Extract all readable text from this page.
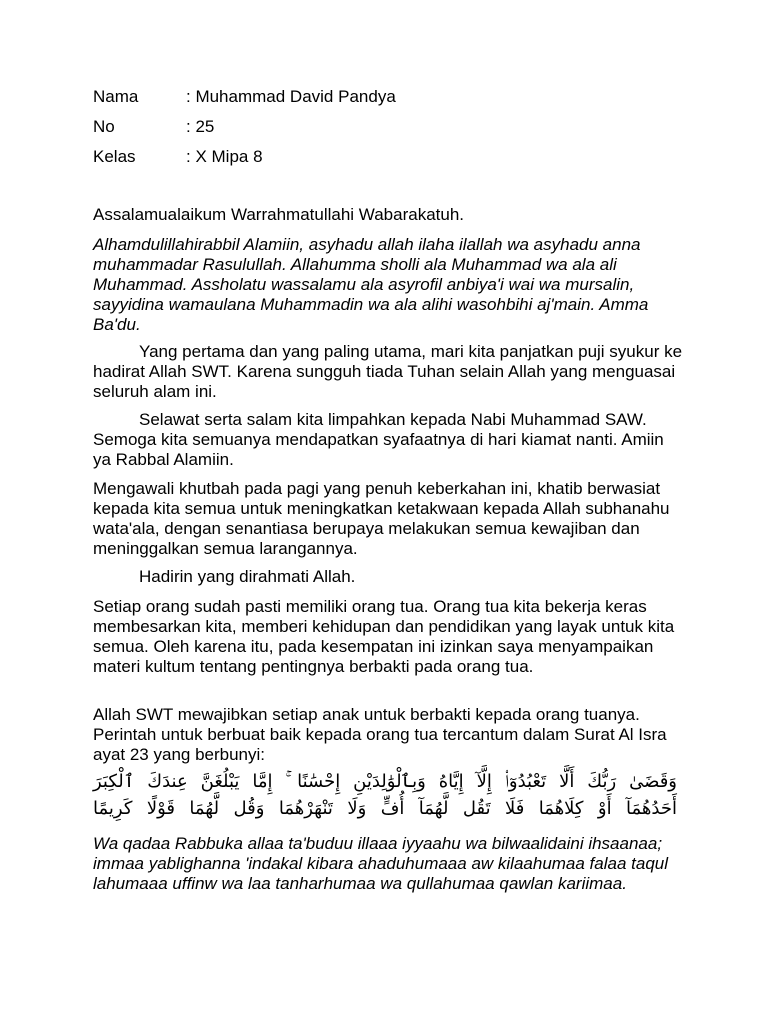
Nama	: Muhammad David Pandya
No	: 25
Kelas	: X Mipa 8

Assalamualaikum Warrahmatullahi Wabarakatuh.

Alhamdulillahirabbil Alamiin, asyhadu allah ilaha ilallah wa asyhadu anna muhammadar Rasulullah. Allahumma sholli ala Muhammad wa ala ali Muhammad. Assholatu wassalamu ala asyrofil anbiya'i wai wa mursalin, sayyidina wamaulana Muhammadin wa ala alihi wasohbihi aj'main. Amma Ba'du.

Yang pertama dan yang paling utama, mari kita panjatkan puji syukur ke hadirat Allah SWT. Karena sungguh tiada Tuhan selain Allah yang menguasai seluruh alam ini.

Selawat serta salam kita limpahkan kepada Nabi Muhammad SAW. Semoga kita semuanya mendapatkan syafaatnya di hari kiamat nanti. Amiin ya Rabbal Alamiin.

Mengawali khutbah pada pagi yang penuh keberkahan ini, khatib berwasiat kepada kita semua untuk meningkatkan ketakwaan kepada Allah subhanahu wata'ala, dengan senantiasa berupaya melakukan semua kewajiban dan meninggalkan semua larangannya.

Hadirin yang dirahmati Allah.

Setiap orang sudah pasti memiliki orang tua. Orang tua kita bekerja keras membesarkan kita, memberi kehidupan dan pendidikan yang layak untuk kita semua. Oleh karena itu, pada kesempatan ini izinkan saya menyampaikan materi kultum tentang pentingnya berbakti pada orang tua.

Allah SWT mewajibkan setiap anak untuk berbakti kepada orang tuanya. Perintah untuk berbuat baik kepada orang tua tercantum dalam Surat Al Isra ayat 23 yang berbunyi:

وَقَضَىٰ رَبُّكَ أَلَّا تَعْبُدُوٓا۟ إِلَّآ إِيَّاهُ وَبِٱلْوَٰلِدَيْنِ إِحْسَٰنًا ۚ إِمَّا يَبْلُغَنَّ عِندَكَ ٱلْكِبَرَ
أَحَدُهُمَآ أَوْ كِلَاهُمَا فَلَا تَقُل لَّهُمَآ أُفٍّ وَلَا تَنْهَرْهُمَا وَقُل لَّهُمَا قَوْلًا كَرِيمًا

Wa qadaa Rabbuka allaa ta'buduu illaaa iyyaahu wa bilwaalidaini ihsaanaa; immaa yablighanna 'indakal kibara ahaduhumaaa aw kilaahumaa falaa taqul lahumaaa uffinw wa laa tanharhumaa wa qullahumaa qawlan kariimaa.
